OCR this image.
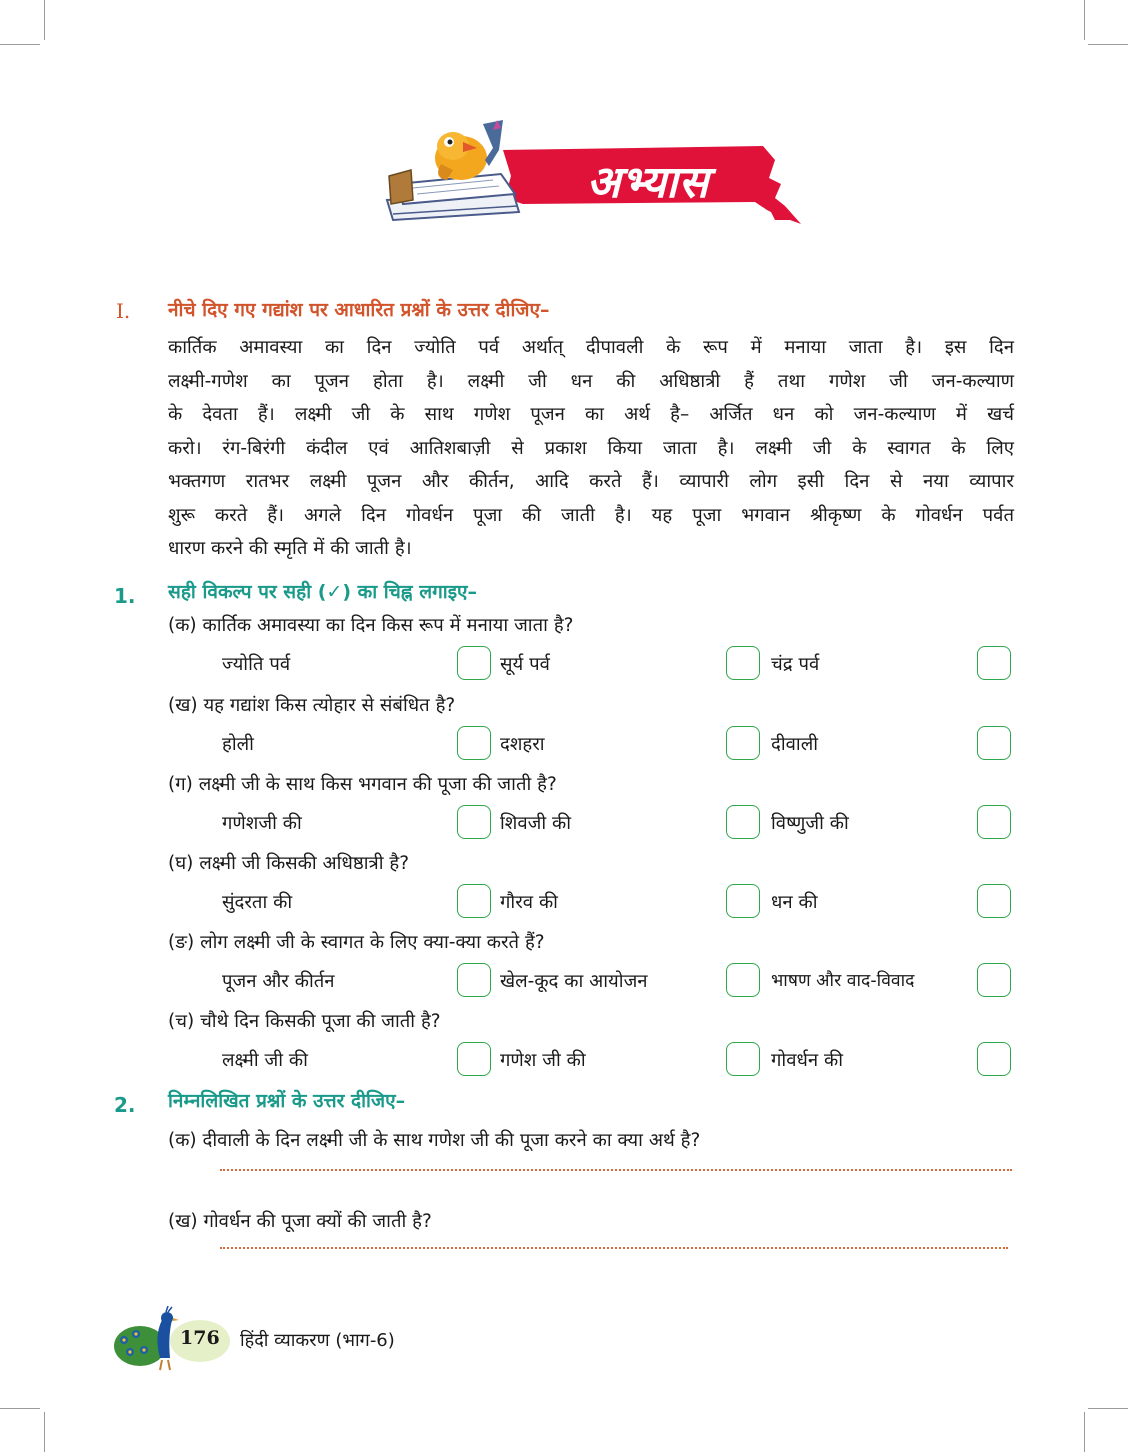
अभ्यास
I. नीचे दिए गए गद्यांश पर आधारित प्रश्नों के उत्तर दीजिए–
कार्तिक अमावस्या का दिन ज्योति पर्व अर्थात् दीपावली के रूप में मनाया जाता है। इस दिन
लक्ष्मी-गणेश का पूजन होता है। लक्ष्मी जी धन की अधिष्ठात्री हैं तथा गणेश जी जन-कल्याण
के देवता हैं। लक्ष्मी जी के साथ गणेश पूजन का अर्थ है– अर्जित धन को जन-कल्याण में खर्च
करो। रंग-बिरंगी कंदील एवं आतिशबाज़ी से प्रकाश किया जाता है। लक्ष्मी जी के स्वागत के लिए
भक्तगण रातभर लक्ष्मी पूजन और कीर्तन, आदि करते हैं। व्यापारी लोग इसी दिन से नया व्यापार
शुरू करते हैं। अगले दिन गोवर्धन पूजा की जाती है। यह पूजा भगवान श्रीकृष्ण के गोवर्धन पर्वत
धारण करने की स्मृति में की जाती है।
1. सही विकल्प पर सही (✓) का चिह्न लगाइए–
(क) कार्तिक अमावस्या का दिन किस रूप में मनाया जाता है?
ज्योति पर्व	सूर्य पर्व	चंद्र पर्व
(ख) यह गद्यांश किस त्योहार से संबंधित है?
होली	दशहरा	दीवाली
(ग) लक्ष्मी जी के साथ किस भगवान की पूजा की जाती है?
गणेशजी की	शिवजी की	विष्णुजी की
(घ) लक्ष्मी जी किसकी अधिष्ठात्री है?
सुंदरता की	गौरव की	धन की
(ङ) लोग लक्ष्मी जी के स्वागत के लिए क्या-क्या करते हैं?
पूजन और कीर्तन	खेल-कूद का आयोजन	भाषण और वाद-विवाद
(च) चौथे दिन किसकी पूजा की जाती है?
लक्ष्मी जी की	गणेश जी की	गोवर्धन की
2. निम्नलिखित प्रश्नों के उत्तर दीजिए–
(क) दीवाली के दिन लक्ष्मी जी के साथ गणेश जी की पूजा करने का क्या अर्थ है?
(ख) गोवर्धन की पूजा क्यों की जाती है?
176 हिंदी व्याकरण (भाग-6)
